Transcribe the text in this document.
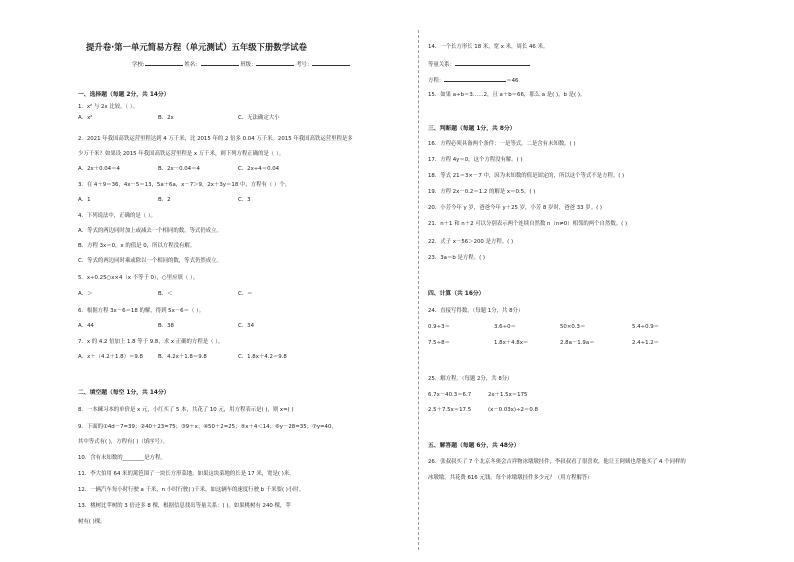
提升卷·第一单元简易方程（单元测试）五年级下册数学试卷
学校:	姓名：	班级：	考号：
一、选择题（每题 2分，共 14分）
1．x² 与 2x 比较，（ ）。
A．x²	B．2x	C．无法确定大小
2．2021 年我国高铁运营里程达到 4 万千米，比 2015 年的 2 倍多 0.04 万千米。2015 年我国高铁运营里程是多
少万千米？如果设 2015 年我国高铁运营里程是 x 万千米，则下列方程正确的是（ ）。
A．2x＋0.04＝4	B．2x－0.04＝4	C．2x÷4＝0.04
3．在 4＋9＝36，4x－5＝13，5a＋6a，x－7＞9，2x＋3y＝18 中，方程有（ ）个。
A．1	B．2	C．3
4．下列说法中，正确的是（ ）。
A．等式的两边同时加上或减去一个相同的数，等式仍成立。
B．方程 3x＝0，x 的值是 0，所以方程没有解。
C．等式的两边同时乘或除以一个相同的数，等式仍然成立。
5．x÷0.25○x×4（x 不等于 0），○里应填（ ）。
A．＞	B．＜	C．＝
6．根据方程 3x－6＝18 的解，得到 5x－6＝（ ）。
A．44	B．38	C．34
7．x 的 4.2 倍加上 1.8 等于 9.8，求 x 正确的方程是（ ）。
A．x＋（4.2＋1.8）＝9.8	B．4.2x＋1.8＝9.8	C．1.8x＋4.2＝9.8
二、填空题（每空 1分，共 14分）
8．一本練习本的单价是 x 元，小红买了 5 本，共花了 10 元，用方程表示是( )，则 x=( )
9．下面的①4d－7=39；②40＋23=75；③9＋x；④50＋2=25；⑤x＋4＜14；⑥y－28=35；⑦y=40，
其中等式有( )，方程有( )（填序号）。
10．含有未知数的________是方程。
11．李大伯用 64 米的篱笆围了一块长方形菜地，如果这块菜地的长是 17 米，宽是( )米。
12．一辆汽车每小时行驶 a 千米，n 小时行驶( )千米，如这辆车的速度行驶 b 千米要( )小时。
13．桃树比苹树的 3 倍还多 8 棵，根据信息找出等量关系：( )。如果桃树有 240 棵，苹
树有( )棵。
14．一个长方形长 18 米，宽 x 米，周长 46 米。
等量关系：
方程：	＝46
15．如果 a÷b＝3……2，且 a＋b＝66，那么 a 是( )，b 是( )。
三、判断题（每题 1分，共 8分）
16．方程必须具备两个条件：一是等式，二是含有未知数。( )
17．方程 4y＝0，这个方程没有解。( )
18．等式 21＝3×－7 中，因为未知数的值是固定的，所以这个等式不是方程。( )
19．方程 2x－0.2＝1.2 的解是 x＝0.5。( )
20．小芳今年 y 岁，爸爸今年 y＋25 岁，小芳 8 岁时，爸爸 33 岁。( )
21．n＋1 和 n＋2 可以分别表示两个连续自然数 n（n≠0）相邻的两个自然数。( )
22．式子 x－56＞200 是方程。( )
23．3a＝b 是方程。( )
四、计算（共 16分）
24．直接写得数。（每题 1分，共 8分）
0.9÷3＝	3.6÷0＝	50×0.3＝	5.4÷0.9＝
7.5÷8＝	1.8x＋4.8x＝	2.8a－1.9a＝	2.4÷1.2＝
25．解方程。（每题 2分，共 8分）
6.7x－40.3＝6.7	2x＋1.5x＝175
2.5＋7.5x＝17.5	(x－0.03x)÷2＝0.8
五、解答题（每题 6分，共 48分）
26．张叔叔买了 7 个北京冬奥会吉祥物冰墩墩挂件，李叔叔看了很喜欢，他让王阿姨也帮他买了 4 个同样的
冰墩墩，共花费 616 元钱。每个冰墩墩挂件多少元？（用方程解答）
